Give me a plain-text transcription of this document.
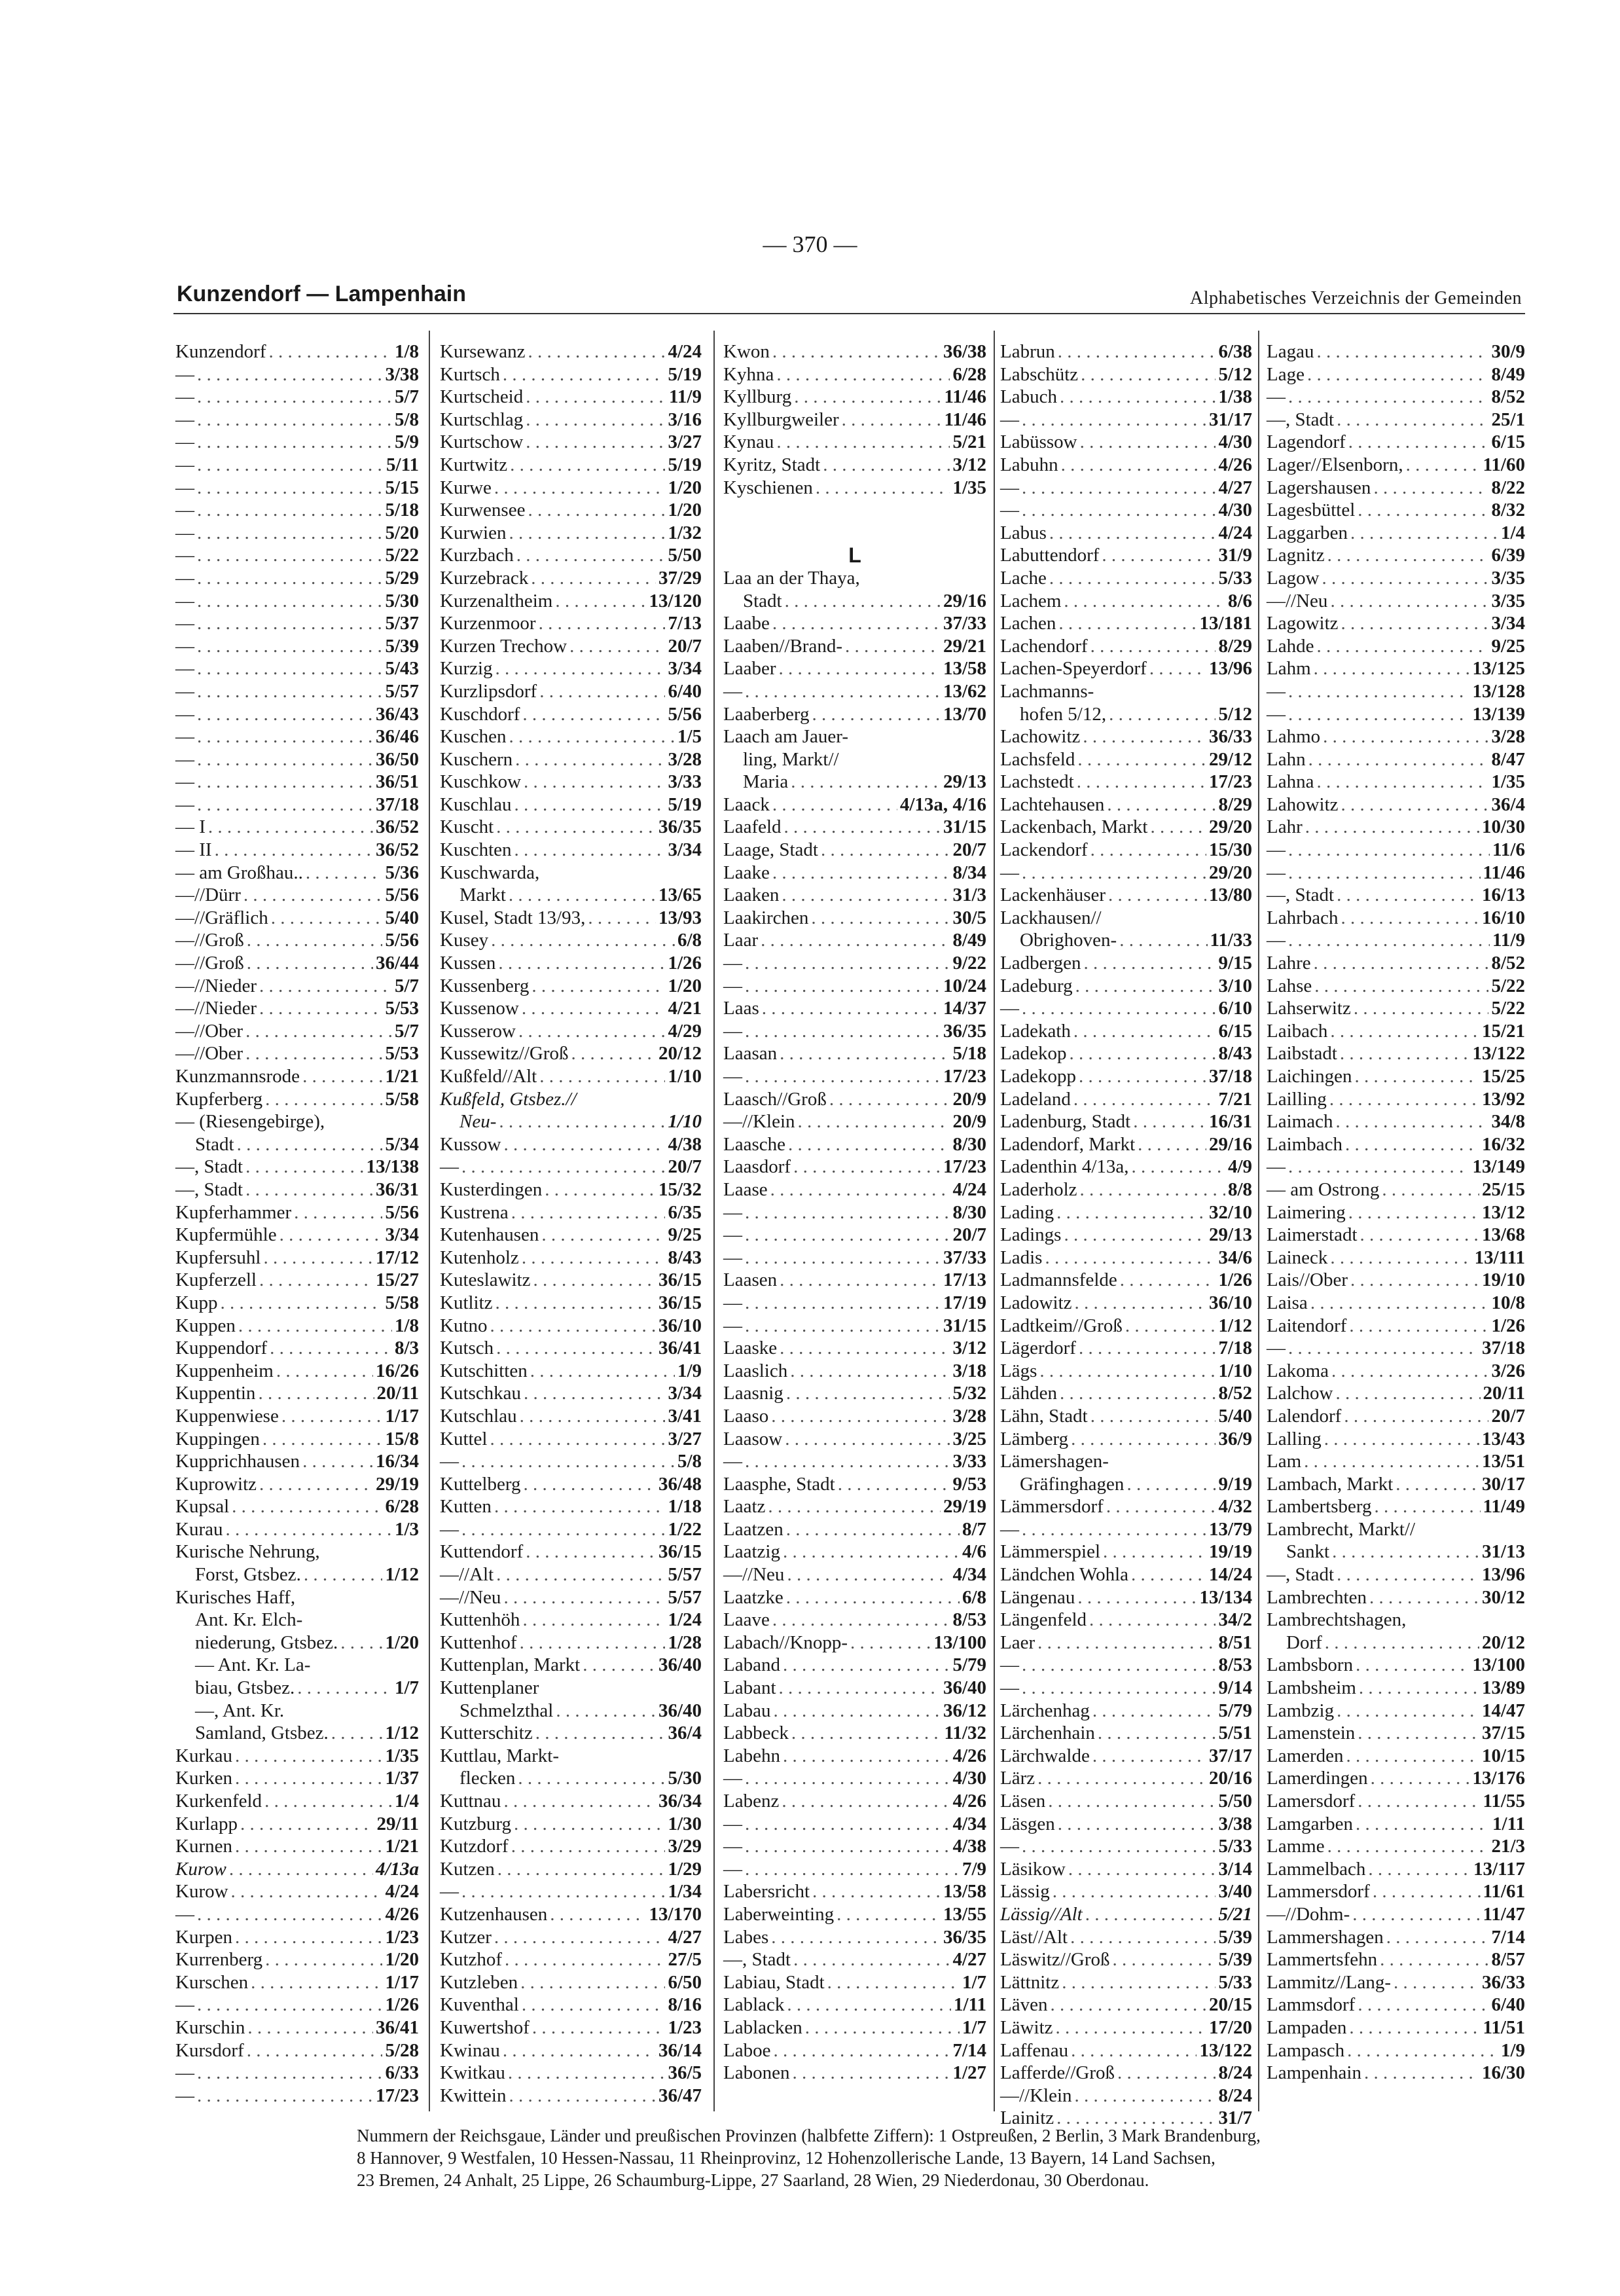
— 370 —
Kunzendorf — Lampenhain	Alphabetisches Verzeichnis der Gemeinden
Kunzendorf . . .	1/8
— . . .	3/38
— . . .	5/7
— . . .	5/8
— . . .	5/9
— . . .	5/11
— . . .	5/15
— . . .	5/18
— . . .	5/20
— . . .	5/22
— . . .	5/29
— . . .	5/30
— . . .	5/37
— . . .	5/39
— . . .	5/43
— . . .	5/57
— . . .	36/43
— . . .	36/46
— . . .	36/50
— . . .	36/51
— . . .	37/18
— I . . .	36/52
— II . . .	36/52
— am Großhau.. . . .	5/36
—//Dürr . . .	5/56
—//Gräflich . . .	5/40
—//Groß . . .	5/56
—//Groß . . .	36/44
—//Nieder . . .	5/7
—//Nieder . . .	5/53
—//Ober . . .	5/7
—//Ober . . .	5/53
Kunzmannsrode . . .	1/21
Kupferberg . . .	5/58
— (Riesengebirge),
Stadt . . .	5/34
—, Stadt . . .	13/138
—, Stadt . . .	36/31
Kupferhammer . . .	5/56
Kupfermühle . . .	3/34
Kupfersuhl . . .	17/12
Kupferzell . . .	15/27
Kupp . . .	5/58
Kuppen . . .	1/8
Kuppendorf . . .	8/3
Kuppenheim . . .	16/26
Kuppentin . . .	20/11
Kuppenwiese . . .	1/17
Kuppingen . . .	15/8
Kupprichhausen . . .	16/34
Kuprowitz . . .	29/19
Kupsal . . .	6/28
Kurau . . .	1/3
Kurische Nehrung,
Forst, Gtsbez. . . .	1/12
Kurisches Haff,
Ant. Kr. Elch-
niederung, Gtsbez. . . . 1/20
— Ant. Kr. La-
biau, Gtsbez. . . .	1/7
—, Ant. Kr.
Samland, Gtsbez. . . .	1/12
Kurkau . . .	1/35
Kurken . . .	1/37
Kurkenfeld . . .	1/4
Kurlapp . . .	29/11
Kurnen . . .	1/21
Kurow . . .	4/13a
Kurow . . .	4/24
— . . .	4/26
Kurpen . . .	1/23
Kurrenberg . . .	1/20
Kurschen . . .	1/17
— . . .	1/26
Kurschin . . .	36/41
Kursdorf . . .	5/28
— . . .	6/33
— . . .	17/23
Kursewanz . . .	4/24
Kurtsch . . .	5/19
Kurtscheid . . .	11/9
Kurtschlag . . .	3/16
Kurtschow . . .	3/27
Kurtwitz . . .	5/19
Kurwe . . .	1/20
Kurwensee . . .	1/20
Kurwien . . .	1/32
Kurzbach . . .	5/50
Kurzebrack . . .	37/29
Kurzenaltheim . . .	13/120
Kurzenmoor . . .	7/13
Kurzen Trechow . . .	20/7
Kurzig . . .	3/34
Kurzlipsdorf . . .	6/40
Kuschdorf . . .	5/56
Kuschen . . .	1/5
Kuschern . . .	3/28
Kuschkow . . .	3/33
Kuschlau . . .	5/19
Kuscht . . .	36/35
Kuschten . . .	3/34
Kuschwarda,
Markt . . .	13/65
Kusel, Stadt 13/93, . . .	13/93
Kusey . . .	6/8
Kussen . . .	1/26
Kussenberg . . .	1/20
Kussenow . . .	4/21
Kusserow . . .	4/29
Kussewitz//Groß . . .	20/12
Kußfeld//Alt . . .	1/10
Kußfeld, Gtsbez.//
Neu- . . .	1/10
Kussow . . .	4/38
— . . .	20/7
Kusterdingen . . .	15/32
Kustrena . . .	6/35
Kutenhausen . . .	9/25
Kutenholz . . .	8/43
Kuteslawitz . . .	36/15
Kutlitz . . .	36/15
Kutno . . .	36/10
Kutsch . . .	36/41
Kutschitten . . .	1/9
Kutschkau . . .	3/34
Kutschlau . . .	3/41
Kuttel . . .	3/27
— . . .	5/8
Kuttelberg . . .	36/48
Kutten . . .	1/18
— . . .	1/22
Kuttendorf . . .	36/15
—//Alt . . .	5/57
—//Neu . . .	5/57
Kuttenhöh . . .	1/24
Kuttenhof . . .	1/28
Kuttenplan, Markt . . .	36/40
Kuttenplaner
Schmelzthal . . .	36/40
Kutterschitz . . .	36/4
Kuttlau, Markt-
flecken . . .	5/30
Kuttnau . . .	36/34
Kutzburg . . .	1/30
Kutzdorf . . .	3/29
Kutzen . . .	1/29
— . . .	1/34
Kutzenhausen . . .	13/170
Kutzer . . .	4/27
Kutzhof . . .	27/5
Kutzleben . . .	6/50
Kuventhal . . .	8/16
Kuwertshof . . .	1/23
Kwinau . . .	36/14
Kwitkau . . .	36/5
Kwittein . . .	36/47
Kwon . . .	36/38
Kyhna . . .	6/28
Kyllburg . . .	11/46
Kyllburgweiler . . .	11/46
Kynau . . .	5/21
Kyritz, Stadt . . .	3/12
Kyschienen . . .	1/35
L
Laa an der Thaya,
Stadt . . .	29/16
Laabe . . .	37/33
Laaben//Brand- . . .	29/21
Laaber . . .	13/58
— . . .	13/62
Laaberberg . . .	13/70
Laach am Jauer-
ling, Markt//
Maria . . .	29/13
Laack . . .	4/13a, 4/16
Laafeld . . .	31/15
Laage, Stadt . . .	20/7
Laake . . .	8/34
Laaken . . .	31/3
Laakirchen . . .	30/5
Laar . . .	8/49
— . . .	9/22
— . . .	10/24
Laas . . .	14/37
— . . .	36/35
Laasan . . .	5/18
— . . .	17/23
Laasch//Groß . . .	20/9
—//Klein . . .	20/9
Laasche . . .	8/30
Laasdorf . . .	17/23
Laase . . .	4/24
— . . .	8/30
— . . .	20/7
— . . .	37/33
Laasen . . .	17/13
— . . .	17/19
— . . .	31/15
Laaske . . .	3/12
Laaslich . . .	3/18
Laasnig . . .	5/32
Laaso . . .	3/28
Laasow . . .	3/25
— . . .	3/33
Laasphe, Stadt . . .	9/53
Laatz . . .	29/19
Laatzen . . .	8/7
Laatzig . . .	4/6
—//Neu . . .	4/34
Laatzke . . .	6/8
Laave . . .	8/53
Labach//Knopp- . . .	13/100
Laband . . .	5/79
Labant . . .	36/40
Labau . . .	36/12
Labbeck . . .	11/32
Labehn . . .	4/26
— . . .	4/30
Labenz . . .	4/26
— . . .	4/34
— . . .	4/38
— . . .	7/9
Labersricht . . .	13/58
Laberweinting . . .	13/55
Labes . . .	36/35
—, Stadt . . .	4/27
Labiau, Stadt . . .	1/7
Lablack . . .	1/11
Lablacken . . .	1/7
Laboe . . .	7/14
Labonen . . .	1/27
Labrun . . .	6/38
Labschütz . . .	5/12
Labuch . . .	1/38
— . . .	31/17
Labüssow . . .	4/30
Labuhn . . .	4/26
— . . .	4/27
— . . .	4/30
Labus . . .	4/24
Labuttendorf . . .	31/9
Lache . . .	5/33
Lachem . . .	8/6
Lachen . . .	13/181
Lachendorf . . .	8/29
Lachen-Speyerdorf . . .	13/96
Lachmanns-
hofen 5/12, . . .	5/12
Lachowitz . . .	36/33
Lachsfeld . . .	29/12
Lachstedt . . .	17/23
Lachtehausen . . .	8/29
Lackenbach, Markt . . .	29/20
Lackendorf . . .	15/30
— . . .	29/20
Lackenhäuser . . .	13/80
Lackhausen//
Obrighoven- . . .	11/33
Ladbergen . . .	9/15
Ladeburg . . .	3/10
— . . .	6/10
Ladekath . . .	6/15
Ladekop . . .	8/43
Ladekopp . . .	37/18
Ladeland . . .	7/21
Ladenburg, Stadt . . .	16/31
Ladendorf, Markt . . .	29/16
Ladenthin 4/13a, . . .	4/9
Laderholz . . .	8/8
Lading . . .	32/10
Ladings . . .	29/13
Ladis . . .	34/6
Ladmannsfelde . . .	1/26
Ladowitz . . .	36/10
Ladtkeim//Groß . . .	1/12
Lägerdorf . . .	7/18
Lägs . . .	1/10
Lähden . . .	8/52
Lähn, Stadt . . .	5/40
Lämberg . . .	36/9
Lämershagen-
Gräfinghagen . . .	9/19
Lämmersdorf . . .	4/32
— . . .	13/79
Lämmerspiel . . .	19/19
Ländchen Wohla . . .	14/24
Längenau . . .	13/134
Längenfeld . . .	34/2
Laer . . .	8/51
— . . .	8/53
— . . .	9/14
Lärchenhag . . .	5/79
Lärchenhain . . .	5/51
Lärchwalde . . .	37/17
Lärz . . .	20/16
Läsen . . .	5/50
Läsgen . . .	3/38
— . . .	5/33
Läsikow . . .	3/14
Lässig . . .	3/40
Lässig//Alt . . .	5/21
Läst//Alt . . .	5/39
Läswitz//Groß . . .	5/39
Lättnitz . . .	5/33
Läven . . .	20/15
Läwitz . . .	17/20
Laffenau . . .	13/122
Lafferde//Groß . . .	8/24
—//Klein . . .	8/24
Lainitz . . .	31/7
Lagau . . .	30/9
Lage . . .	8/49
— . . .	8/52
—, Stadt . . .	25/1
Lagendorf . . .	6/15
Lager//Elsenborn, . . .	11/60
Lagershausen . . .	8/22
Lagesbüttel . . .	8/32
Laggarben . . .	1/4
Lagnitz . . .	6/39
Lagow . . .	3/35
—//Neu . . .	3/35
Lagowitz . . .	3/34
Lahde . . .	9/25
Lahm . . .	13/125
— . . .	13/128
— . . .	13/139
Lahmo . . .	3/28
Lahn . . .	8/47
Lahna . . .	1/35
Lahowitz . . .	36/4
Lahr . . .	10/30
— . . .	11/6
— . . .	11/46
—, Stadt . . .	16/13
Lahrbach . . .	16/10
— . . .	11/9
Lahre . . .	8/52
Lahse . . .	5/22
Lahserwitz . . .	5/22
Laibach . . .	15/21
Laibstadt . . .	13/122
Laichingen . . .	15/25
Lailling . . .	13/92
Laimach . . .	34/8
Laimbach . . .	16/32
— . . .	13/149
— am Ostrong . . .	25/15
Laimering . . .	13/12
Laimerstadt . . .	13/68
Laineck . . .	13/111
Lais//Ober . . .	19/10
Laisa . . .	10/8
Laitendorf . . .	1/26
— . . .	37/18
Lakoma . . .	3/26
Lalchow . . .	20/11
Lalendorf . . .	20/7
Lalling . . .	13/43
Lam . . .	13/51
Lambach, Markt . . .	30/17
Lambertsberg . . .	11/49
Lambrecht, Markt//
Sankt . . .	31/13
—, Stadt . . .	13/96
Lambrechten . . .	30/12
Lambrechtshagen,
Dorf . . .	20/12
Lambsborn . . .	13/100
Lambsheim . . .	13/89
Lambzig . . .	14/47
Lamenstein . . .	37/15
Lamerden . . .	10/15
Lamerdingen . . .	13/176
Lamersdorf . . .	11/55
Lamgarben . . .	1/11
Lamme . . .	21/3
Lammelbach . . .	13/117
Lammersdorf . . .	11/61
—//Dohm- . . .	11/47
Lammershagen . . .	7/14
Lammertsfehn . . .	8/57
Lammitz//Lang- . . .	36/33
Lammsdorf . . .	6/40
Lampaden . . .	11/51
Lampasch . . .	1/9
Lampenhain . . .	16/30
Nummern der Reichsgaue, Länder und preußischen Provinzen (halbfette Ziffern): 1 Ostpreußen, 2 Berlin, 3 Mark Brandenburg,
8 Hannover, 9 Westfalen, 10 Hessen-Nassau, 11 Rheinprovinz, 12 Hohenzollerische Lande, 13 Bayern, 14 Land Sachsen,
23 Bremen, 24 Anhalt, 25 Lippe, 26 Schaumburg-Lippe, 27 Saarland, 28 Wien, 29 Niederdonau, 30 Oberdonau.
